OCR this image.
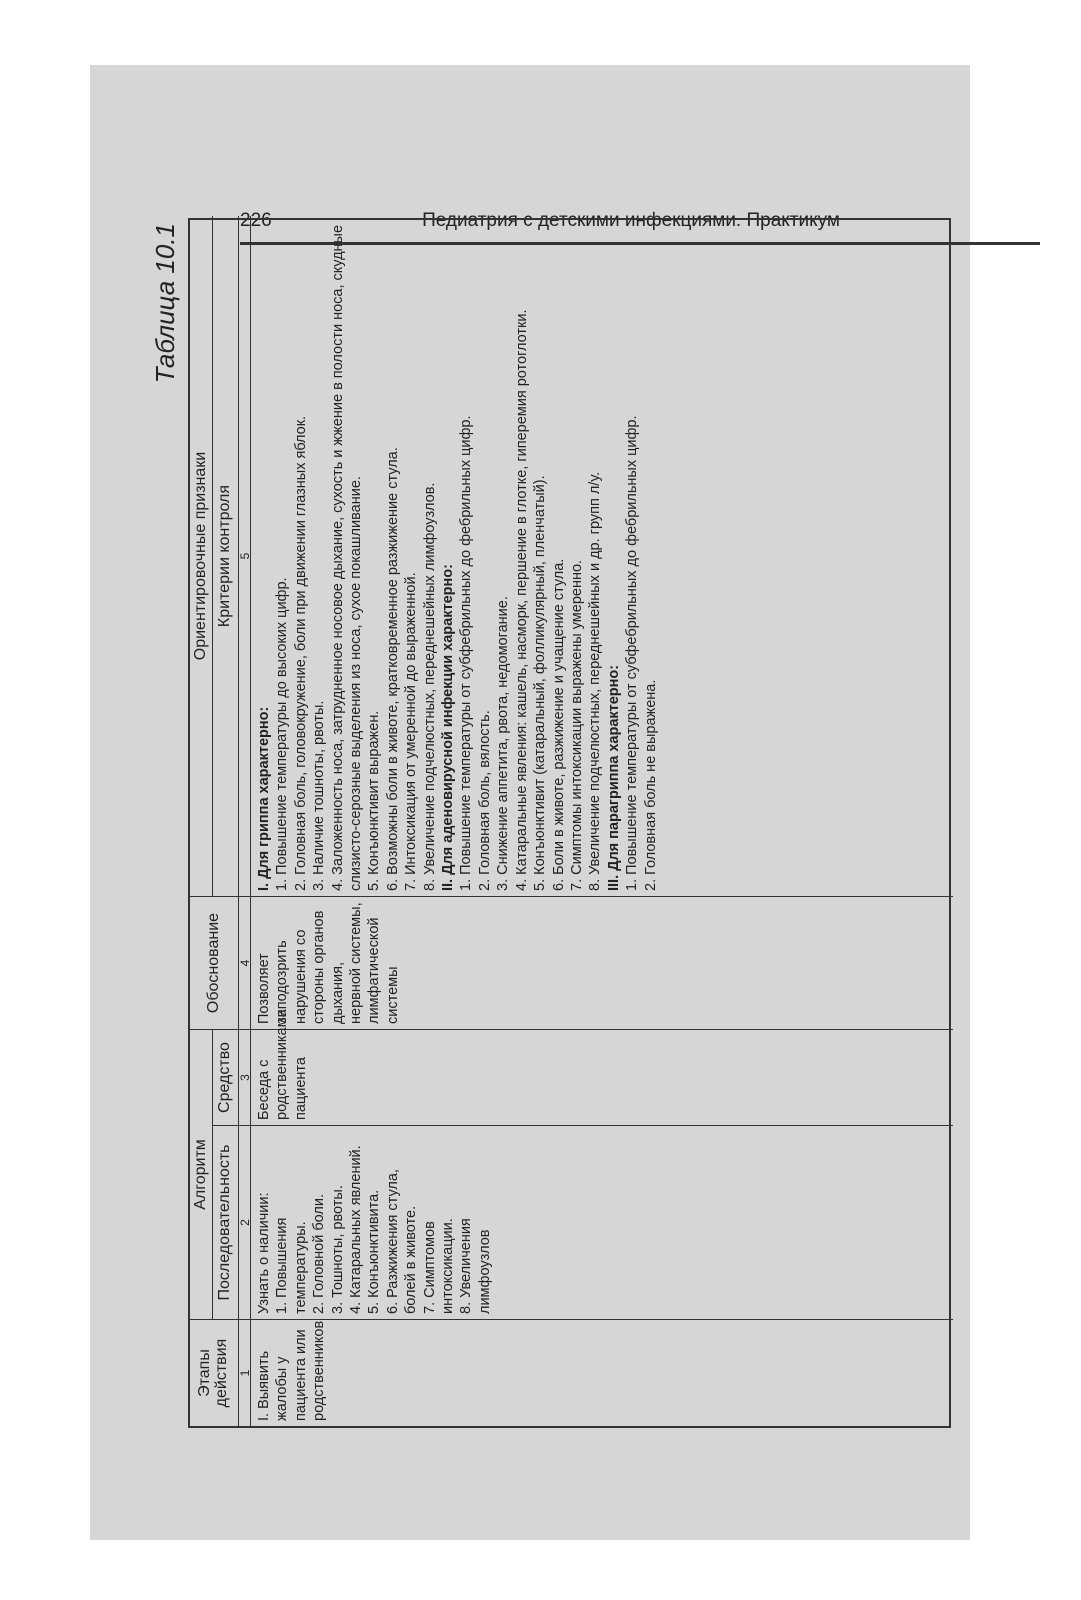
226	Педиатрия с детскими инфекциями. Практикум
Таблица 10.1
Этапы действия
Алгоритм
Обоснование
Ориентировочные признаки
Последовательность
Средство
Критерии контроля
1
2
3
4
5

I. Выявить жалобы у пациента или родственников

Узнать о наличии: 1. Повышения температуры. 2. Головной боли. 3. Тошноты, рвоты. 4. Катаральных явлений. 5. Конъюнктивита. 6. Разжижения стула, болей в животе. 7. Симптомов интоксикации. 8. Увеличения лимфоузлов

Беседа с родственниками пациента

Позволяет заподозрить нарушения со стороны органов дыхания, нервной системы, лимфатической системы

I. Для гриппа характерно: 1. Повышение температуры до высоких цифр. 2. Головная боль, головокружение, боли при движении глазных яблок. 3. Наличие тошноты, рвоты. 4. Заложенность носа, затрудненное носовое дыхание, сухость и жжение в полости носа, скудные слизисто-серозные выделения из носа, сухое покашливание. 5. Конъюнктивит выражен. 6. Возможны боли в животе, кратковременное разжижение стула. 7. Интоксикация от умеренной до выраженной. 8. Увеличение подчелюстных, переднешейных лимфоузлов. II. Для аденовирусной инфекции характерно: 1. Повышение температуры от субфебрильных до фебрильных цифр. 2. Головная боль, вялость. 3. Снижение аппетита, рвота, недомогание. 4. Катаральные явления: кашель, насморк, першение в глотке, гиперемия ротоглотки. 5. Конъюнктивит (катаральный, фолликулярный, пленчатый). 6. Боли в животе, разжижение и учащение стула. 7. Симптомы интоксикации выражены умеренно. 8. Увеличение подчелюстных, переднешейных и др. групп л/у. III. Для парагриппа характерно: 1. Повышение температуры от субфебрильных до фебрильных цифр. 2. Головная боль не выражена.
